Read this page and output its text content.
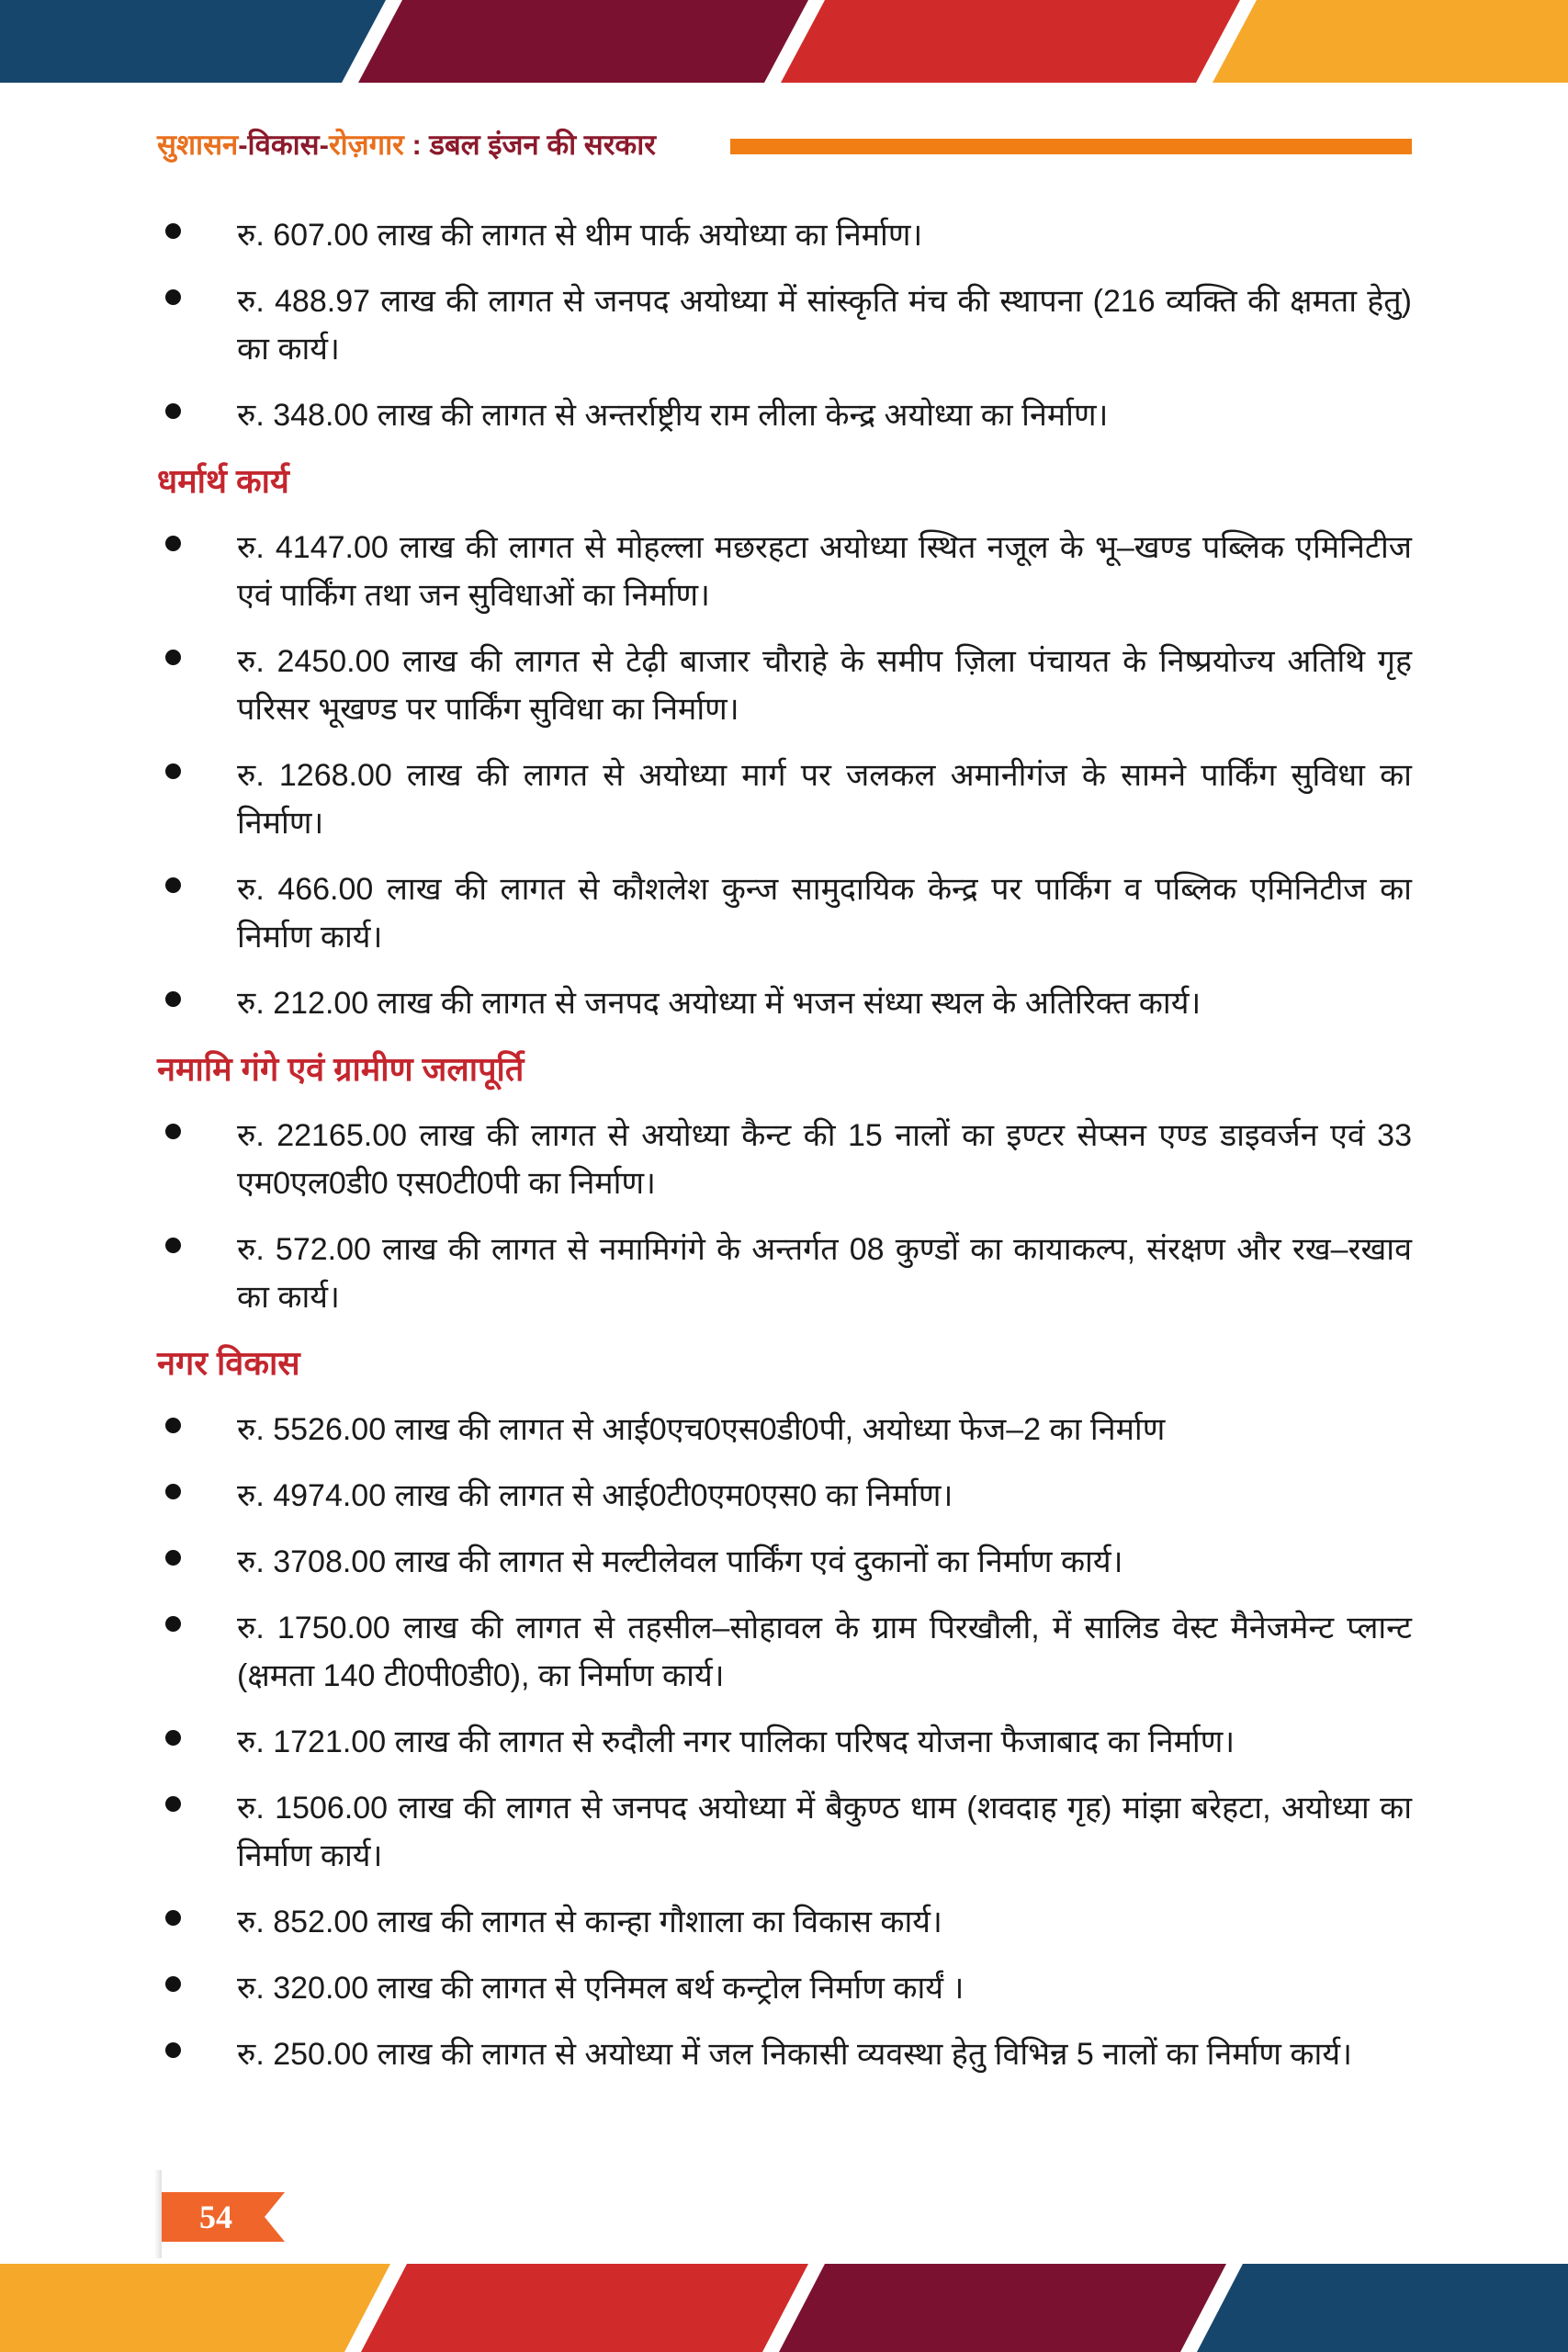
सुशासन-विकास-रोज़गार : डबल इंजन की सरकार
रु. 607.00 लाख की लागत से थीम पार्क अयोध्या का निर्माण।
रु. 488.97 लाख की लागत से जनपद अयोध्या में सांस्कृति मंच की स्थापना (216 व्यक्ति की क्षमता हेतु) का कार्य।
रु. 348.00 लाख की लागत से अन्तर्राष्ट्रीय राम लीला केन्द्र अयोध्या का निर्माण।
धर्मार्थ कार्य
रु. 4147.00 लाख की लागत से मोहल्ला मछरहटा अयोध्या स्थित नजूल के भू–खण्ड पब्लिक एमिनिटीज एवं पार्किंग तथा जन सुविधाओं का निर्माण।
रु. 2450.00 लाख की लागत से टेढ़ी बाजार चौराहे के समीप ज़िला पंचायत के निष्प्रयोज्य अतिथि गृह परिसर भूखण्ड पर पार्किंग सुविधा का निर्माण।
रु. 1268.00 लाख की लागत से अयोध्या मार्ग पर जलकल अमानीगंज के सामने पार्किंग सुविधा का निर्माण।
रु. 466.00 लाख की लागत से कौशलेश कुन्ज सामुदायिक केन्द्र पर पार्किंग व पब्लिक एमिनिटीज का निर्माण कार्य।
रु. 212.00 लाख की लागत से जनपद अयोध्या में भजन संध्या स्थल के अतिरिक्त कार्य।
नमामि गंगे एवं ग्रामीण जलापूर्ति
रु. 22165.00 लाख की लागत से अयोध्या कैन्ट की 15 नालों का इण्टर सेप्सन एण्ड डाइवर्जन एवं 33 एम0एल0डी0 एस0टी0पी का निर्माण।
रु. 572.00 लाख की लागत से नमामिगंगे के अन्तर्गत 08 कुण्डों का कायाकल्प, संरक्षण और रख–रखाव का कार्य।
नगर विकास
रु. 5526.00 लाख की लागत से आई0एच0एस0डी0पी, अयोध्या फेज–2 का निर्माण
रु. 4974.00 लाख की लागत से आई0टी0एम0एस0 का निर्माण।
रु. 3708.00 लाख की लागत से मल्टीलेवल पार्किंग एवं दुकानों का निर्माण कार्य।
रु. 1750.00 लाख की लागत से तहसील–सोहावल के ग्राम पिरखौली, में सालिड वेस्ट मैनेजमेन्ट प्लान्ट (क्षमता 140 टी0पी0डी0), का निर्माण कार्य।
रु. 1721.00 लाख की लागत से रुदौली नगर पालिका परिषद योजना फैजाबाद का निर्माण।
रु. 1506.00 लाख की लागत से जनपद अयोध्या में बैकुण्ठ धाम (शवदाह गृह) मांझा बरेहटा, अयोध्या का निर्माण कार्य।
रु. 852.00 लाख की लागत से कान्हा गौशाला का विकास कार्य।
रु. 320.00 लाख की लागत से एनिमल बर्थ कन्ट्रोल निर्माण कार्यं ।
रु. 250.00 लाख की लागत से अयोध्या में जल निकासी व्यवस्था हेतु विभिन्न 5 नालों का निर्माण कार्य।
54
